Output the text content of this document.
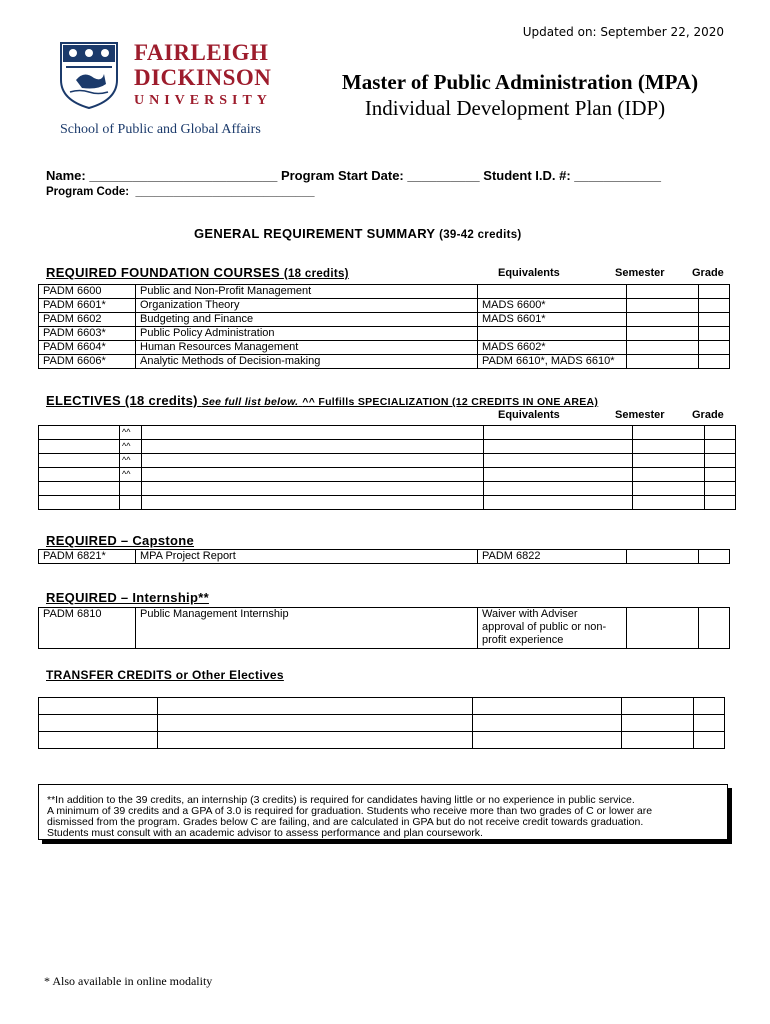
Updated on: September 22, 2020
FAIRLEIGH
DICKINSON
UNIVERSITY
School of Public and Global Affairs
Master of Public Administration (MPA)
Individual Development Plan (IDP)
Name: __________________________ Program Start Date: __________ Student I.D. #: ____________
Program Code:  ____________________________
GENERAL REQUIREMENT SUMMARY (39-42 credits)
REQUIRED FOUNDATION COURSES (18 credits)	Equivalents	Semester Grade
PADM 6600	Public and Non-Profit Management			
PADM 6601*	Organization Theory	MADS 6600*		
PADM 6602	Budgeting and Finance	MADS 6601*		
PADM 6603*	Public Policy Administration			
PADM 6604*	Human Resources Management	MADS 6602*		
PADM 6606*	Analytic Methods of Decision-making	PADM 6610*, MADS 6610*		
ELECTIVES (18 credits) See full list below. ^^ Fulfills SPECIALIZATION (12 CREDITS IN ONE AREA)
Equivalents	Semester Grade
	^^				
	^^				
	^^				
	^^				

REQUIRED – Capstone
PADM 6821*	MPA Project Report	PADM 6822		
REQUIRED – Internship**
PADM 6810	Public Management Internship	Waiver with Adviser
approval of public or non-
profit experience

TRANSFER CREDITS or Other Electives

**In addition to the 39 credits, an internship (3 credits) is required for candidates having little or no experience in public service.
A minimum of 39 credits and a GPA of 3.0 is required for graduation. Students who receive more than two grades of C or lower are
dismissed from the program. Grades below C are failing, and are calculated in GPA but do not receive credit towards graduation.
Students must consult with an academic advisor to assess performance and plan coursework.
* Also available in online modality
